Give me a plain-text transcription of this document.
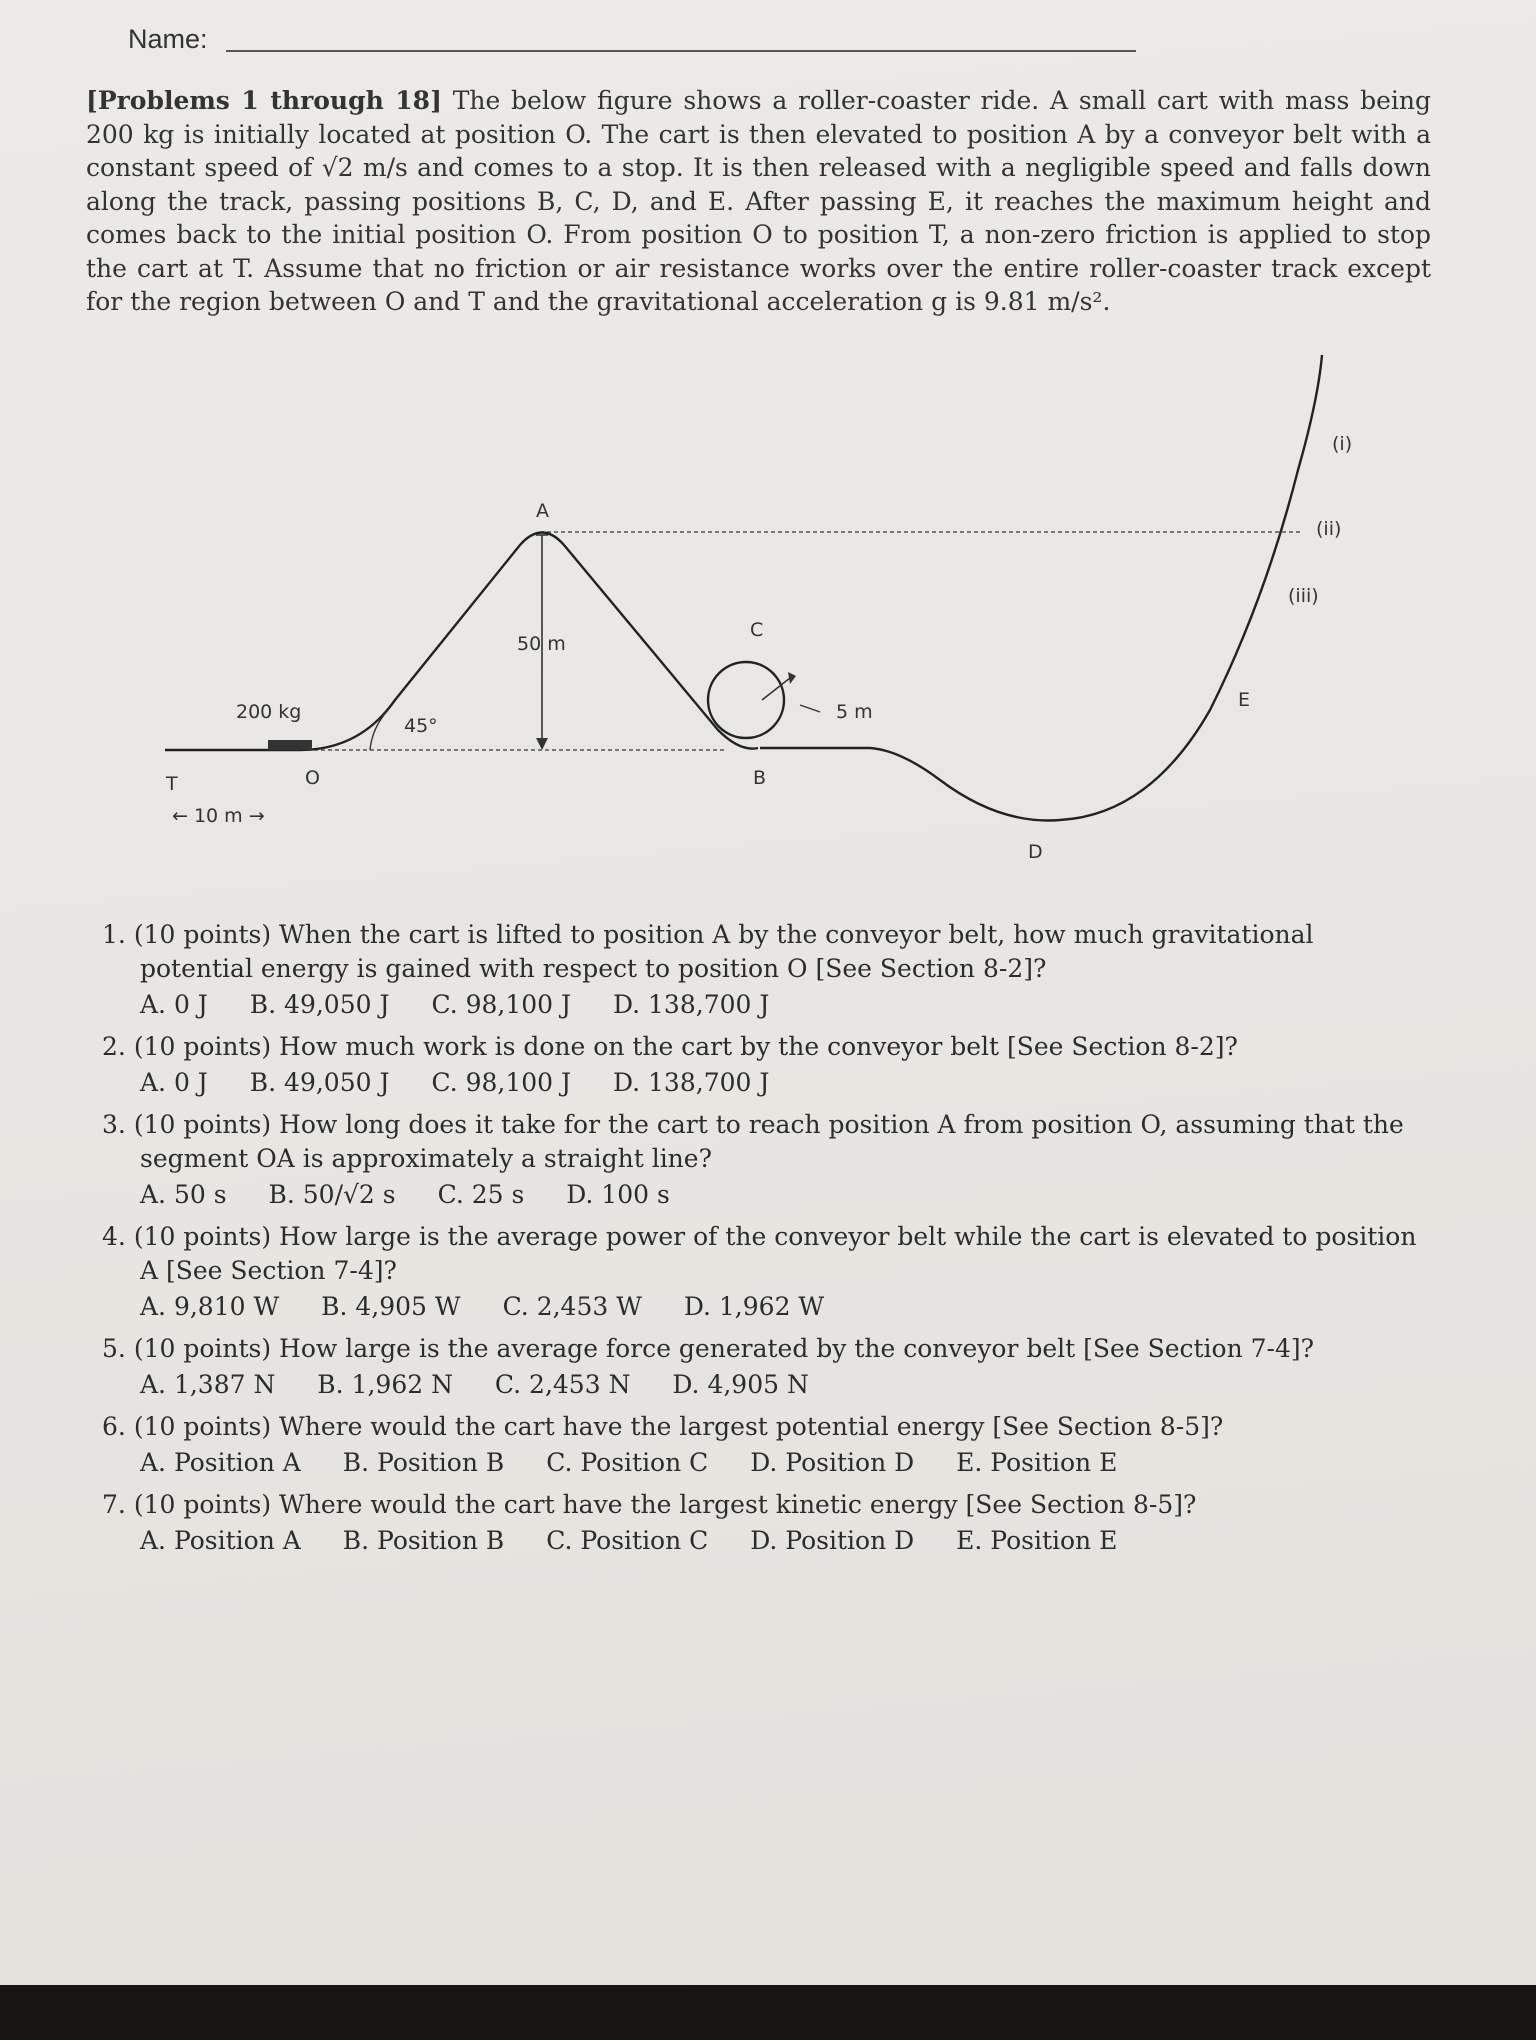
Name:
[Problems 1 through 18] The below figure shows a roller-coaster ride. A small cart with mass being 200 kg is initially located at position O. The cart is then elevated to position A by a conveyor belt with a constant speed of √2 m/s and comes to a stop. It is then released with a negligible speed and falls down along the track, passing positions B, C, D, and E. After passing E, it reaches the maximum height and comes back to the initial position O. From position O to position T, a non-zero friction is applied to stop the cart at T. Assume that no friction or air resistance works over the entire roller-coaster track except for the region between O and T and the gravitational acceleration g is 9.81 m/s².
200 kg
45°
50 m
5 m
← 10 m →
A
B
C
D
E
O
T
(i)
(ii)
(iii)
1. (10 points) When the cart is lifted to position A by the conveyor belt, how much gravitational potential energy is gained with respect to position O [See Section 8-2]?
A. 0 J B. 49,050 J C. 98,100 J D. 138,700 J
2. (10 points) How much work is done on the cart by the conveyor belt [See Section 8-2]?
A. 0 J B. 49,050 J C. 98,100 J D. 138,700 J
3. (10 points) How long does it take for the cart to reach position A from position O, assuming that the segment OA is approximately a straight line?
A. 50 s B. 50/√2 s C. 25 s D. 100 s
4. (10 points) How large is the average power of the conveyor belt while the cart is elevated to position A [See Section 7-4]?
A. 9,810 W B. 4,905 W C. 2,453 W D. 1,962 W
5. (10 points) How large is the average force generated by the conveyor belt [See Section 7-4]?
A. 1,387 N B. 1,962 N C. 2,453 N D. 4,905 N
6. (10 points) Where would the cart have the largest potential energy [See Section 8-5]?
A. Position A B. Position B C. Position C D. Position D E. Position E
7. (10 points) Where would the cart have the largest kinetic energy [See Section 8-5]?
A. Position A B. Position B C. Position C D. Position D E. Position E
